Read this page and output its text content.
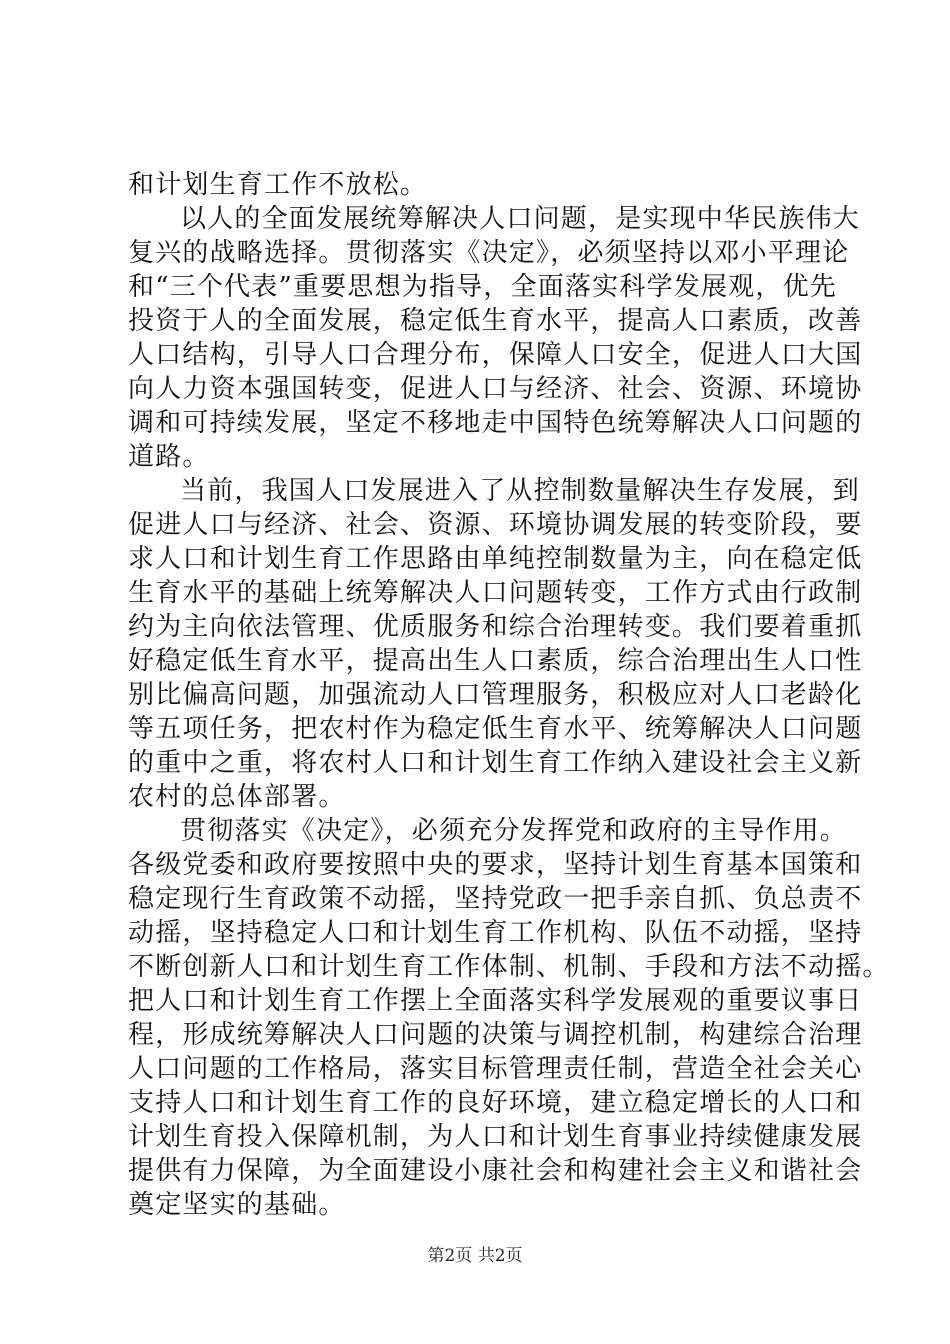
和计划生育工作不放松。
以人的全面发展统筹解决人口问题，是实现中华民族伟大
复兴的战略选择。贯彻落实《决定》，必须坚持以邓小平理论
和“三个代表”重要思想为指导，全面落实科学发展观，优先
投资于人的全面发展，稳定低生育水平，提高人口素质，改善
人口结构，引导人口合理分布，保障人口安全，促进人口大国
向人力资本强国转变，促进人口与经济、社会、资源、环境协
调和可持续发展，坚定不移地走中国特色统筹解决人口问题的
道路。
当前，我国人口发展进入了从控制数量解决生存发展，到
促进人口与经济、社会、资源、环境协调发展的转变阶段，要
求人口和计划生育工作思路由单纯控制数量为主，向在稳定低
生育水平的基础上统筹解决人口问题转变，工作方式由行政制
约为主向依法管理、优质服务和综合治理转变。我们要着重抓
好稳定低生育水平，提高出生人口素质，综合治理出生人口性
别比偏高问题，加强流动人口管理服务，积极应对人口老龄化
等五项任务，把农村作为稳定低生育水平、统筹解决人口问题
的重中之重，将农村人口和计划生育工作纳入建设社会主义新
农村的总体部署。
贯彻落实《决定》，必须充分发挥党和政府的主导作用。
各级党委和政府要按照中央的要求，坚持计划生育基本国策和
稳定现行生育政策不动摇，坚持党政一把手亲自抓、负总责不
动摇，坚持稳定人口和计划生育工作机构、队伍不动摇，坚持
不断创新人口和计划生育工作体制、机制、手段和方法不动摇。
把人口和计划生育工作摆上全面落实科学发展观的重要议事日
程，形成统筹解决人口问题的决策与调控机制，构建综合治理
人口问题的工作格局，落实目标管理责任制，营造全社会关心
支持人口和计划生育工作的良好环境，建立稳定增长的人口和
计划生育投入保障机制，为人口和计划生育事业持续健康发展
提供有力保障，为全面建设小康社会和构建社会主义和谐社会
奠定坚实的基础。
第2页 共2页
